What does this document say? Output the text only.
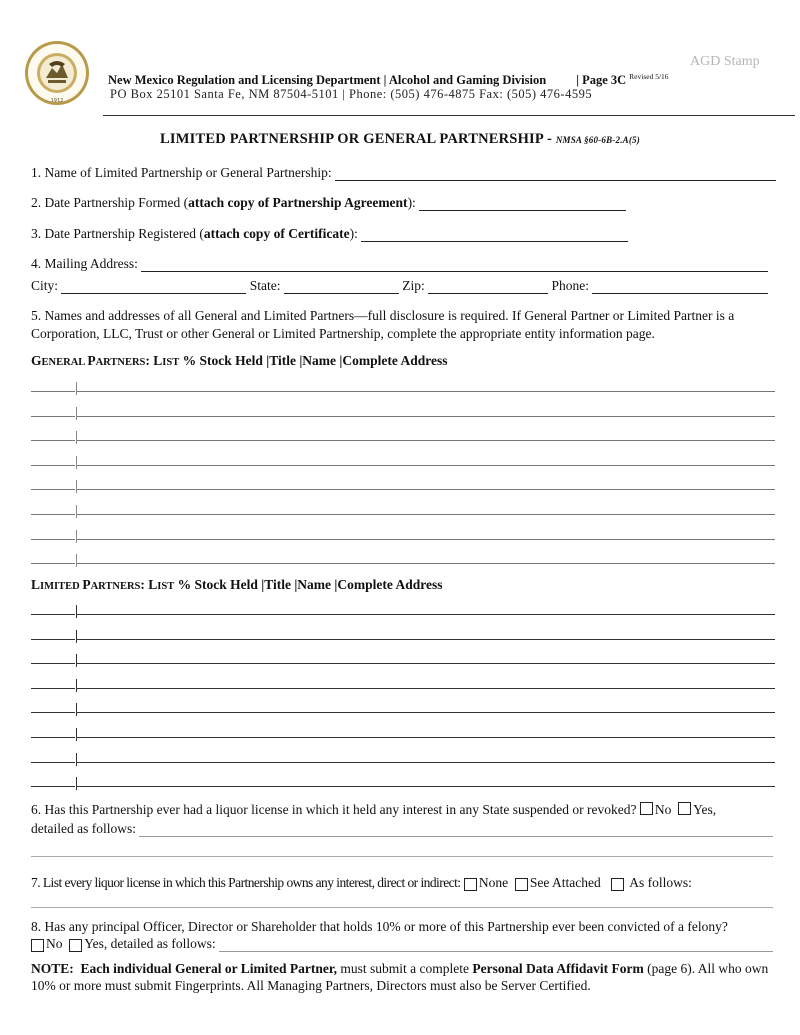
1912
AGD Stamp
New Mexico Regulation and Licensing Department | Alcohol and Gaming Division | Page 3C $^{Revised 5/16}$
PO Box 25101 Santa Fe, NM 87504-5101 | Phone: (505) 476-4875 Fax: (505) 476-4595
LIMITED PARTNERSHIP OR GENERAL PARTNERSHIP - NMSA §60-6B-2.A(5)
1. Name of Limited Partnership or General Partnership:

2. Date Partnership Formed (attach copy of Partnership Agreement):

3. Date Partnership Registered (attach copy of Certificate):

4. Mailing Address:

City:

	State:

	Zip:

	Phone:

5. Names and addresses of all General and Limited Partners—full disclosure is required. If General Partner or Limited Partner is a Corporation, LLC, Trust or other General or Limited Partnership, complete the appropriate entity information page.
GENERAL PARTNERS: LIST % Stock Held |Title |Name |Complete Address
LIMITED PARTNERS: LIST % Stock Held |Title |Name |Complete Address
6. Has this Partnership ever had a liquor license in which it held any interest in any State suspended or revoked? No Yes,
detailed as follows:

7. List every liquor license in which this Partnership owns any interest, direct or indirect:
None
See Attached

As follows:
8. Has any principal Officer, Director or Shareholder that holds 10% or more of this Partnership ever been convicted of a felony?
No
Yes, detailed as follows:

NOTE: Each individual General or Limited Partner, must submit a complete Personal Data Affidavit Form (page 6). All who own 10% or more must submit Fingerprints. All Managing Partners, Directors must also be Server Certified.
